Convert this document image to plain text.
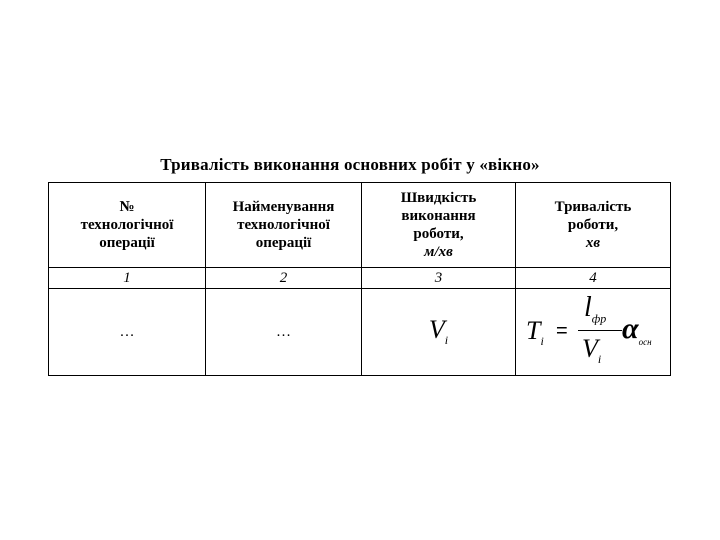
Тривалість виконання основних робіт у «вікно»
№
технологічної
операції	Найменування
технологічної
операції	Швидкість
виконання
роботи,
м/хв	Тривалість
роботи,
хв

1	2	3	4
…	…	$V_i$	$T_i$ =
$l_{фр}$
$V_i$
$\alpha_{осн}$
